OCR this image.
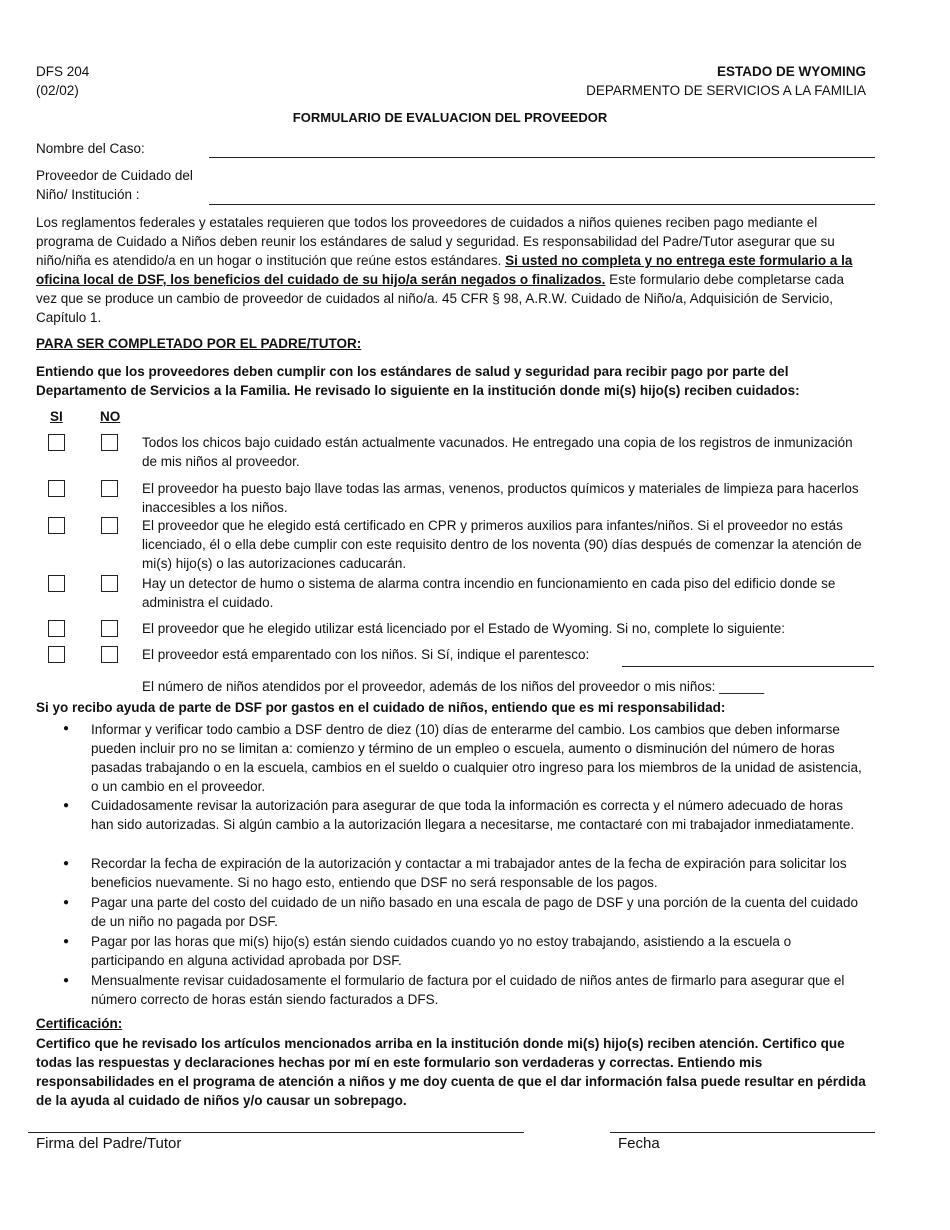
DFS 204
(02/02)
ESTADO DE WYOMING
DEPARMENTO DE SERVICIOS A LA FAMILIA
FORMULARIO DE EVALUACION DEL PROVEEDOR
Nombre del Caso:
Proveedor de Cuidado del
Niño/ Institución :
Los reglamentos federales y estatales requieren que todos los proveedores de cuidados a niños quienes reciben pago mediante el programa de Cuidado a Niños deben reunir los estándares de salud y seguridad. Es responsabilidad del Padre/Tutor asegurar que su niño/niña es atendido/a en un hogar o institución que reúne estos estándares. Si usted no completa y no entrega este formulario a la oficina local de DSF, los beneficios del cuidado de su hijo/a serán negados o finalizados. Este formulario debe completarse cada vez que se produce un cambio de proveedor de cuidados al niño/a. 45 CFR § 98, A.R.W. Cuidado de Niño/a, Adquisición de Servicio, Capítulo 1.
PARA SER COMPLETADO POR EL PADRE/TUTOR:
Entiendo que los proveedores deben cumplir con los estándares de salud y seguridad para recibir pago por parte del Departamento de Servicios a la Familia. He revisado lo siguiente en la institución donde mi(s) hijo(s) reciben cuidados:
SI	NO
Todos los chicos bajo cuidado están actualmente vacunados. He entregado una copia de los registros de inmunización de mis niños al proveedor.
El proveedor ha puesto bajo llave todas las armas, venenos, productos químicos y materiales de limpieza para hacerlos inaccesibles a los niños.
El proveedor que he elegido está certificado en CPR y primeros auxilios para infantes/niños. Si el proveedor no estás licenciado, él o ella debe cumplir con este requisito dentro de los noventa (90) días después de comenzar la atención de mi(s) hijo(s) o las autorizaciones caducarán.
Hay un detector de humo o sistema de alarma contra incendio en funcionamiento en cada piso del edificio donde se administra el cuidado.
El proveedor que he elegido utilizar está licenciado por el Estado de Wyoming. Si no, complete lo siguiente:
El proveedor está emparentado con los niños. Si Sí, indique el parentesco:
El número de niños atendidos por el proveedor, además de los niños del proveedor o mis niños: ______
Si yo recibo ayuda de parte de DSF por gastos en el cuidado de niños, entiendo que es mi responsabilidad:
● Informar y verificar todo cambio a DSF dentro de diez (10) días de enterarme del cambio. Los cambios que deben informarse pueden incluir pro no se limitan a: comienzo y término de un empleo o escuela, aumento o disminución del número de horas pasadas trabajando o en la escuela, cambios en el sueldo o cualquier otro ingreso para los miembros de la unidad de asistencia, o un cambio en el proveedor.
● Cuidadosamente revisar la autorización para asegurar de que toda la información es correcta y el número adecuado de horas han sido autorizadas. Si algún cambio a la autorización llegara a necesitarse, me contactaré con mi trabajador inmediatamente.
● Recordar la fecha de expiración de la autorización y contactar a mi trabajador antes de la fecha de expiración para solicitar los beneficios nuevamente. Si no hago esto, entiendo que DSF no será responsable de los pagos.
● Pagar una parte del costo del cuidado de un niño basado en una escala de pago de DSF y una porción de la cuenta del cuidado de un niño no pagada por DSF.
● Pagar por las horas que mi(s) hijo(s) están siendo cuidados cuando yo no estoy trabajando, asistiendo a la escuela o participando en alguna actividad aprobada por DSF.
● Mensualmente revisar cuidadosamente el formulario de factura por el cuidado de niños antes de firmarlo para asegurar que el número correcto de horas están siendo facturados a DFS.
Certificación:
Certifico que he revisado los artículos mencionados arriba en la institución donde mi(s) hijo(s) reciben atención. Certifico que todas las respuestas y declaraciones hechas por mí en este formulario son verdaderas y correctas. Entiendo mis responsabilidades en el programa de atención a niños y me doy cuenta de que el dar información falsa puede resultar en pérdida de la ayuda al cuidado de niños y/o causar un sobrepago.
Firma del Padre/Tutor	Fecha
